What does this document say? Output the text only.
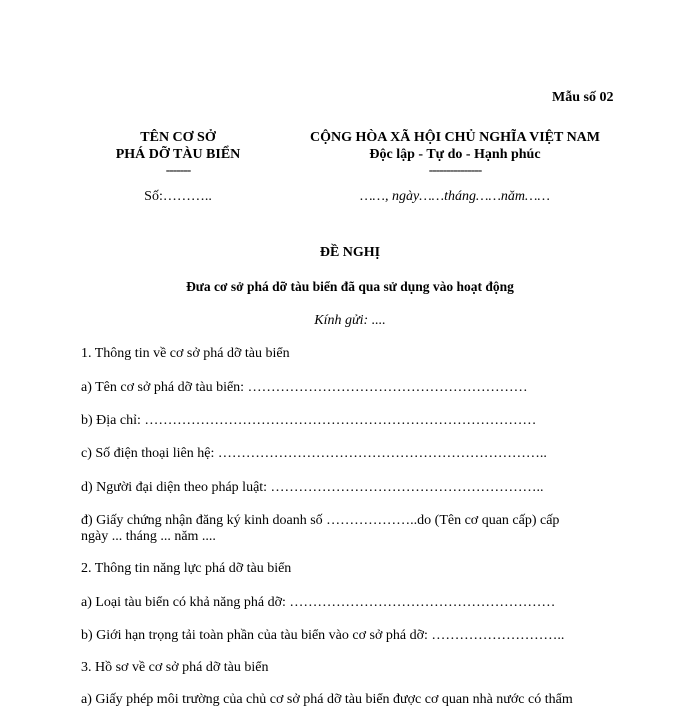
Mẫu số 02
TÊN CƠ SỞ
PHÁ DỠ TÀU BIỂN
-------
Số:………..
CỘNG HÒA XÃ HỘI CHỦ NGHĨA VIỆT NAM
Độc lập - Tự do - Hạnh phúc
---------------
……, ngày……tháng……năm……
ĐỀ NGHỊ
Đưa cơ sở phá dỡ tàu biển đã qua sử dụng vào hoạt động
Kính gửi: ....
1. Thông tin về cơ sở phá dỡ tàu biển
a) Tên cơ sở phá dỡ tàu biển: ……………………………………………………
b) Địa chỉ: …………………………………………………………………………
c) Số điện thoại liên hệ: ……………………………………………………………..
d) Người đại diện theo pháp luật: …………………………………………………..
đ) Giấy chứng nhận đăng ký kinh doanh số ………………..do (Tên cơ quan cấp) cấp
ngày ... tháng ... năm ....
2. Thông tin năng lực phá dỡ tàu biển
a) Loại tàu biển có khả năng phá dỡ: …………………………………………………
b) Giới hạn trọng tải toàn phần của tàu biển vào cơ sở phá dỡ: ………………………..
3. Hồ sơ về cơ sở phá dỡ tàu biển
a) Giấy phép môi trường của chủ cơ sở phá dỡ tàu biển được cơ quan nhà nước có thẩm
